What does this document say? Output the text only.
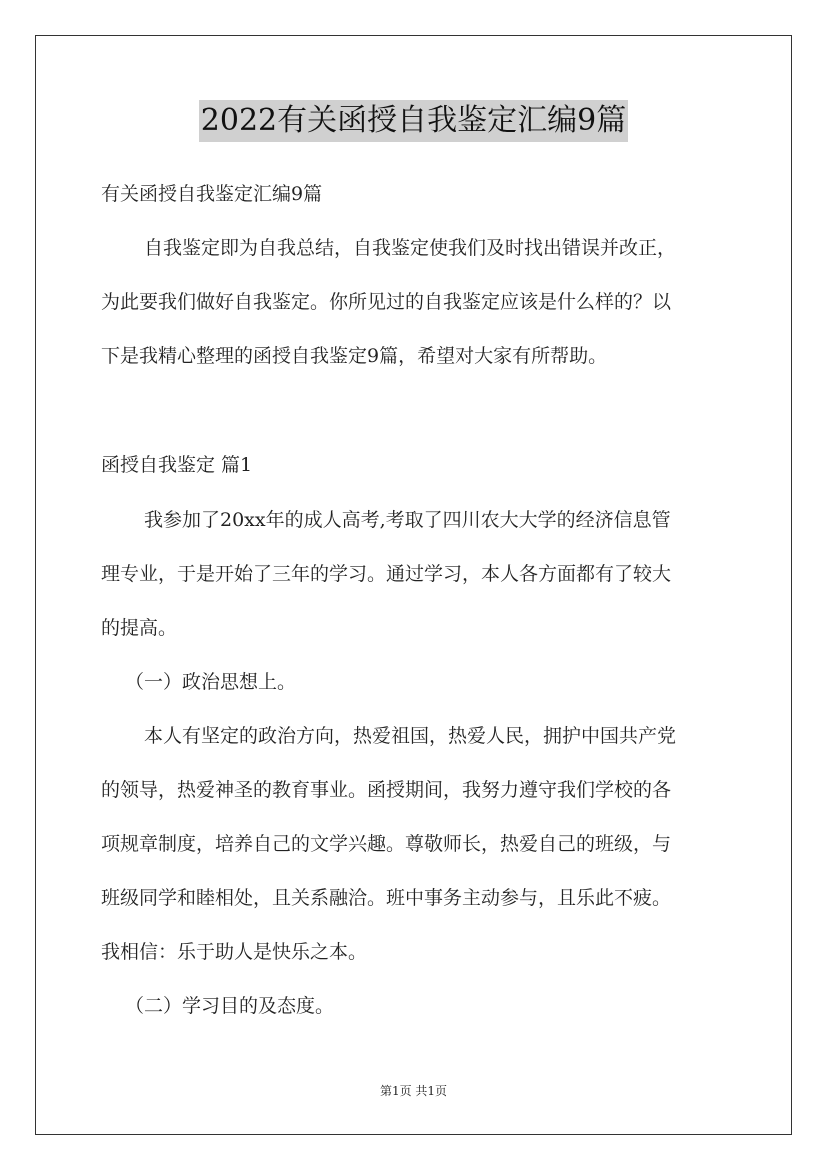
2022有关函授自我鉴定汇编9篇
有关函授自我鉴定汇编9篇
自我鉴定即为自我总结，自我鉴定使我们及时找出错误并改正，
为此要我们做好自我鉴定。你所见过的自我鉴定应该是什么样的？以
下是我精心整理的函授自我鉴定9篇，希望对大家有所帮助。
函授自我鉴定 篇1
我参加了20xx年的成人高考,考取了四川农大大学的经济信息管
理专业，于是开始了三年的学习。通过学习，本人各方面都有了较大
的提高。
（一）政治思想上。
本人有坚定的政治方向，热爱祖国，热爱人民，拥护中国共产党
的领导，热爱神圣的教育事业。函授期间，我努力遵守我们学校的各
项规章制度，培养自己的文学兴趣。尊敬师长，热爱自己的班级，与
班级同学和睦相处，且关系融洽。班中事务主动参与，且乐此不疲。
我相信：乐于助人是快乐之本。
（二）学习目的及态度。
第1页 共1页
